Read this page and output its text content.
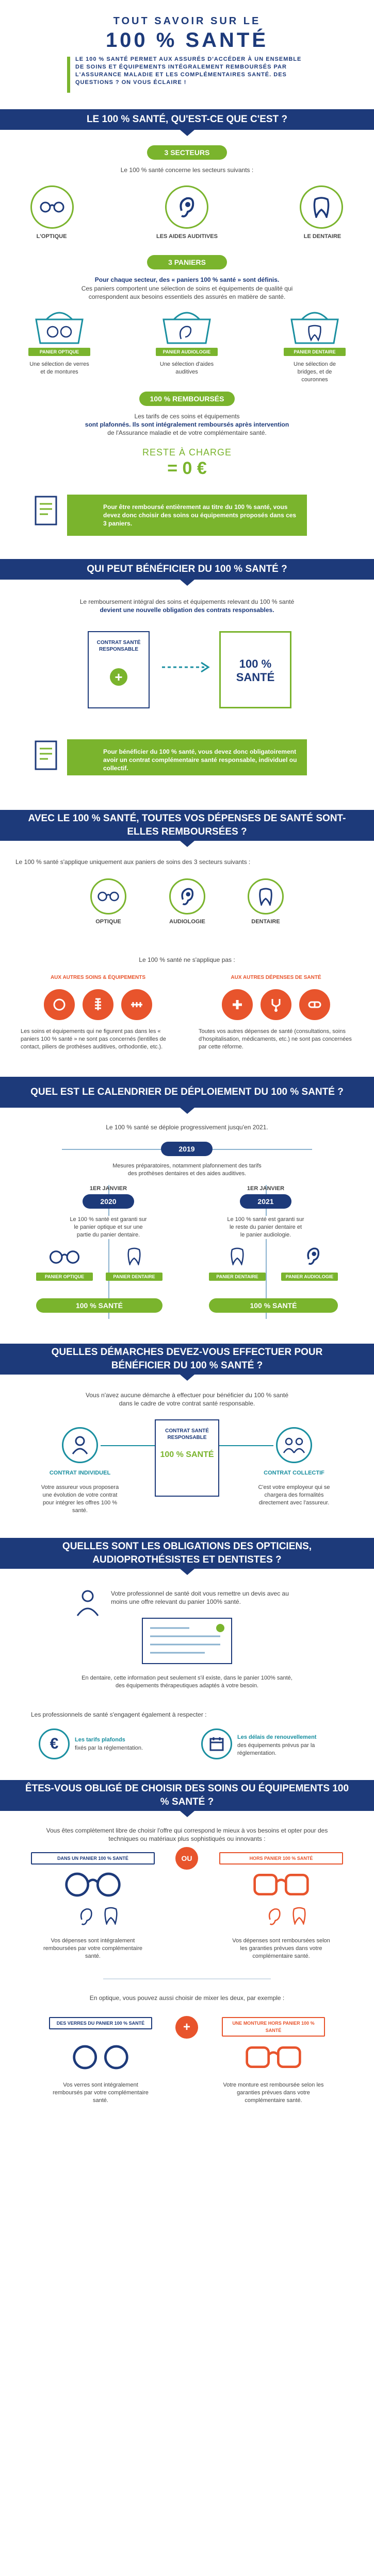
TOUT SAVOIR SUR LE
100 % SANTÉ
LE 100 % SANTÉ PERMET AUX ASSURÉS D'ACCÉDER À UN ENSEMBLE DE SOINS ET ÉQUIPEMENTS INTÉGRALEMENT REMBOURSÉS PAR L'ASSURANCE MALADIE ET LES COMPLÉMENTAIRES SANTÉ. DES QUESTIONS ? ON VOUS ÉCLAIRE !
LE 100 % SANTÉ, QU'EST-CE QUE C'EST ?
3 SECTEURS
Le 100 % santé concerne les secteurs suivants :
L'OPTIQUE	LES AIDES AUDITIVES	LE DENTAIRE
3 PANIERS
Pour chaque secteur, des « paniers 100 % santé » sont définis.
Ces paniers comportent une sélection de soins et équipements de qualité qui correspondent aux besoins essentiels des assurés en matière de santé.
PANIER OPTIQUE	PANIER AUDIOLOGIE	PANIER DENTAIRE
Une sélection de verres et de montures
Une sélection d'aides auditives
Une sélection de bridges, et de couronnes
100 % REMBOURSÉS
Les tarifs de ces soins et équipements
sont plafonnés. Ils sont intégralement remboursés après intervention
de l'Assurance maladie et de votre complémentaire santé.
RESTE À CHARGE
= 0 €
Pour être remboursé entièrement au titre du 100 % santé, vous devez donc choisir des soins ou équipements proposés dans ces 3 paniers.
QUI PEUT BÉNÉFICIER DU 100 % SANTÉ ?
Le remboursement intégral des soins et équipements relevant du 100 % santé
devient une nouvelle obligation des contrats responsables.
CONTRAT SANTÉ RESPONSABLE
+
100 % SANTÉ
Pour bénéficier du 100 % santé, vous devez donc obligatoirement avoir un contrat complémentaire santé responsable, individuel ou collectif.
AVEC LE 100 % SANTÉ, TOUTES VOS DÉPENSES DE SANTÉ SONT-ELLES REMBOURSÉES ?
Le 100 % santé s'applique uniquement aux paniers de soins des 3 secteurs suivants :
OPTIQUE	AUDIOLOGIE	DENTAIRE
Le 100 % santé ne s'applique pas :
AUX AUTRES SOINS & ÉQUIPEMENTS	AUX AUTRES DÉPENSES DE SANTÉ
Les soins et équipements qui ne figurent pas dans les « paniers 100 % santé » ne sont pas concernés (lentilles de contact, piliers de prothèses auditives, orthodontie, etc.).
Toutes vos autres dépenses de santé (consultations, soins d'hospitalisation, médicaments, etc.) ne sont pas concernées par cette réforme.
QUEL EST LE CALENDRIER DE DÉPLOIEMENT DU 100 % SANTÉ ?
Le 100 % santé se déploie progressivement jusqu'en 2021.
2019
Mesures préparatoires, notamment plafonnement des tarifs
des prothèses dentaires et des aides auditives.
1ER JANVIER
2020
1ER JANVIER
2021
Le 100 % santé est garanti sur le panier optique et sur une partie du panier dentaire.
Le 100 % santé est garanti sur le reste du panier dentaire et le panier audiologie.
PANIER OPTIQUE	PANIER DENTAIRE	PANIER DENTAIRE	PANIER AUDIOLOGIE
100 % SANTÉ	100 % SANTÉ
QUELLES DÉMARCHES DEVEZ-VOUS EFFECTUER POUR BÉNÉFICIER DU 100 % SANTÉ ?
Vous n'avez aucune démarche à effectuer pour bénéficier du 100 % santé
dans le cadre de votre contrat santé responsable.
CONTRAT SANTÉ RESPONSABLE
100 % SANTÉ
CONTRAT INDIVIDUEL	CONTRAT COLLECTIF
Votre assureur vous proposera une évolution de votre contrat pour intégrer les offres 100 % santé.
C'est votre employeur qui se chargera des formalités directement avec l'assureur.
QUELLES SONT LES OBLIGATIONS DES OPTICIENS, AUDIOPROTHÉSISTES ET DENTISTES ?
Votre professionnel de santé doit vous remettre un devis avec au moins une offre relevant du panier 100% santé.
En dentaire, cette information peut seulement s'il existe, dans le panier 100% santé, des équipements thérapeutiques adaptés à votre besoin.
Les professionnels de santé s'engagent également à respecter :
€	Les tarifs plafonds
fixés par la réglementation.
Les délais de renouvellement
des équipements prévus par la réglementation.
ÊTES-VOUS OBLIGÉ DE CHOISIR DES SOINS OU ÉQUIPEMENTS 100 % SANTÉ ?
Vous êtes complètement libre de choisir l'offre qui correspond le mieux à vos besoins et opter pour des techniques ou matériaux plus sophistiqués ou innovants :
DANS UN PANIER 100 % SANTÉ	OU	HORS PANIER 100 % SANTÉ
Vos dépenses sont intégralement remboursées par votre complémentaire santé.
Vos dépenses sont remboursées selon les garanties prévues dans votre complémentaire santé.
En optique, vous pouvez aussi choisir de mixer les deux, par exemple :
DES VERRES DU PANIER 100 % SANTÉ	+	UNE MONTURE HORS PANIER 100 % SANTÉ
Vos verres sont intégralement remboursés par votre complémentaire santé.
Votre monture est remboursée selon les garanties prévues dans votre complémentaire santé.
